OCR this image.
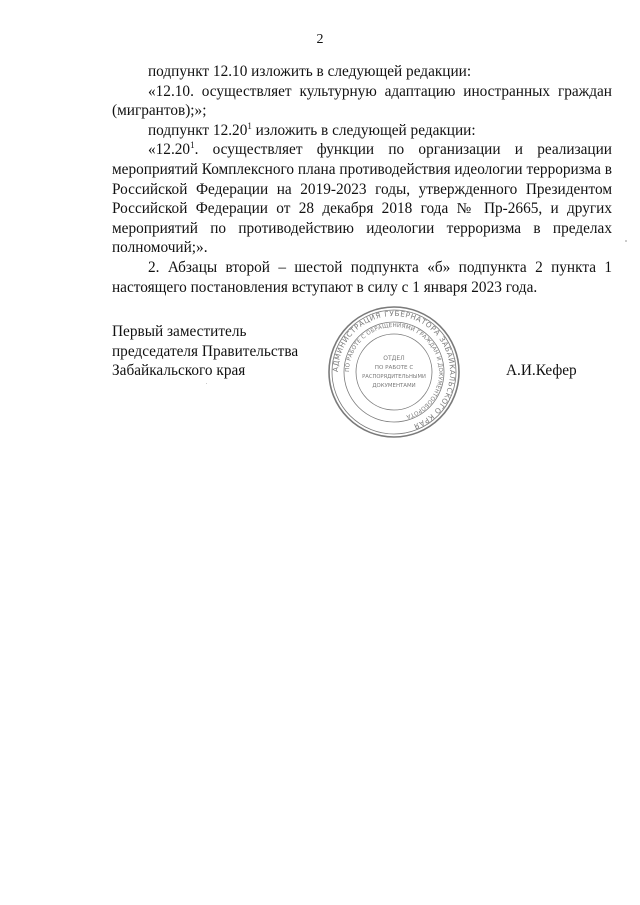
2

подпункт 12.10 изложить в следующей редакции:

«12.10. осуществляет культурную адаптацию иностранных граждан (мигрантов);»;

подпункт 12.20$^1$ изложить в следующей редакции:

«12.20$^1$. осуществляет функции по организации и реализации мероприятий Комплексного плана противодействия идеологии терроризма в Российской Федерации на 2019-2023 годы, утвержденного Президентом Российской Федерации от 28 декабря 2018 года № Пр-2665, и других мероприятий по противодействию идеологии терроризма в пределах полномочий;».

2. Абзацы второй – шестой подпункта «б» подпункта 2 пункта 1 настоящего постановления вступают в силу с 1 января 2023 года.

Первый заместитель
председателя Правительства
Забайкальского края	АДМИНИСТРАЦИЯ ГУБЕРНАТОРА ЗАБАЙКАЛЬСКОГО КРАЯ
ПО РАБОТЕ С ОБРАЩЕНИЯМИ ГРАЖДАН И ДОКУМЕНТООБОРОТА
ОТДЕЛ
ПО РАБОТЕ С
РАСПОРЯДИТЕЛЬНЫМИ
ДОКУМЕНТАМИ
А.И.Кефер
